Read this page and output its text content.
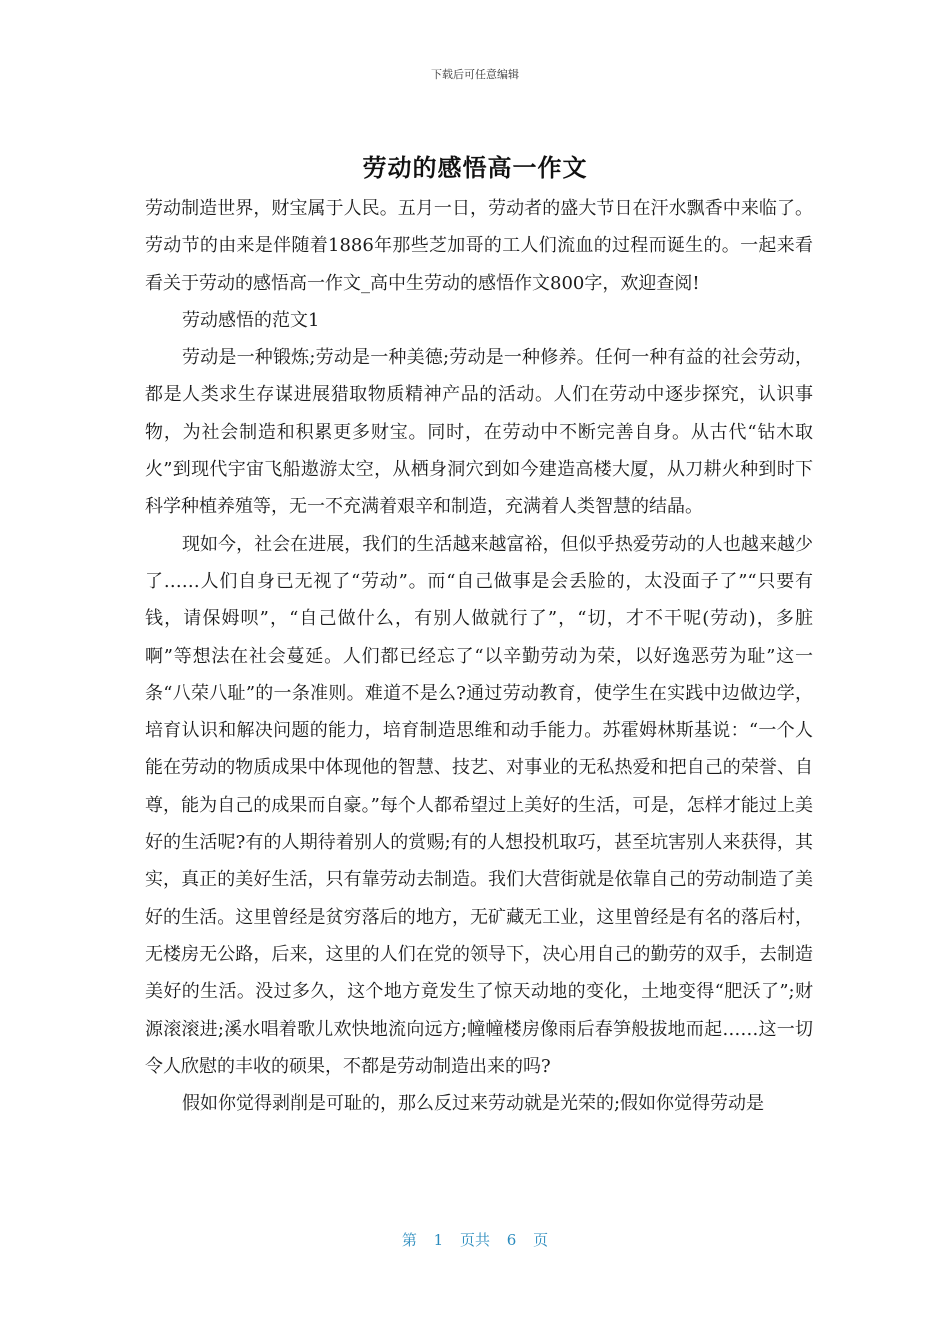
下载后可任意编辑
劳动的感悟高一作文

劳动制造世界，财宝属于人民。五月一日，劳动者的盛大节日在汗水飘香中来临了。劳动节的由来是伴随着1886年那些芝加哥的工人们流血的过程而诞生的。一起来看看关于劳动的感悟高一作文_高中生劳动的感悟作文800字，欢迎查阅!

劳动感悟的范文1

劳动是一种锻炼;劳动是一种美德;劳动是一种修养。任何一种有益的社会劳动，都是人类求生存谋进展猎取物质精神产品的活动。人们在劳动中逐步探究，认识事物，为社会制造和积累更多财宝。同时，在劳动中不断完善自身。从古代“钻木取火”到现代宇宙飞船遨游太空，从栖身洞穴到如今建造高楼大厦，从刀耕火种到时下科学种植养殖等，无一不充满着艰辛和制造，充满着人类智慧的结晶。

现如今，社会在进展，我们的生活越来越富裕，但似乎热爱劳动的人也越来越少了……人们自身已无视了“劳动”。而“自己做事是会丢脸的，太没面子了”“只要有钱，请保姆呗”，“自己做什么，有别人做就行了”，“切，才不干呢(劳动)，多脏啊”等想法在社会蔓延。人们都已经忘了“以辛勤劳动为荣，以好逸恶劳为耻”这一条“八荣八耻”的一条准则。难道不是么?通过劳动教育，使学生在实践中边做边学，培育认识和解决问题的能力，培育制造思维和动手能力。苏霍姆林斯基说：“一个人能在劳动的物质成果中体现他的智慧、技艺、对事业的无私热爱和把自己的荣誉、自尊，能为自己的成果而自豪。”每个人都希望过上美好的生活，可是，怎样才能过上美好的生活呢?有的人期待着别人的赏赐;有的人想投机取巧，甚至坑害别人来获得，其实，真正的美好生活，只有靠劳动去制造。我们大营街就是依靠自己的劳动制造了美好的生活。这里曾经是贫穷落后的地方，无矿藏无工业，这里曾经是有名的落后村，无楼房无公路，后来，这里的人们在党的领导下，决心用自己的勤劳的双手，去制造美好的生活。没过多久，这个地方竟发生了惊天动地的变化，土地变得“肥沃了”;财源滚滚进;溪水唱着歌儿欢快地流向远方;幢幢楼房像雨后春笋般拔地而起……这一切令人欣慰的丰收的硕果，不都是劳动制造出来的吗?

假如你觉得剥削是可耻的，那么反过来劳动就是光荣的;假如你觉得劳动是

第 1 页共 6 页
